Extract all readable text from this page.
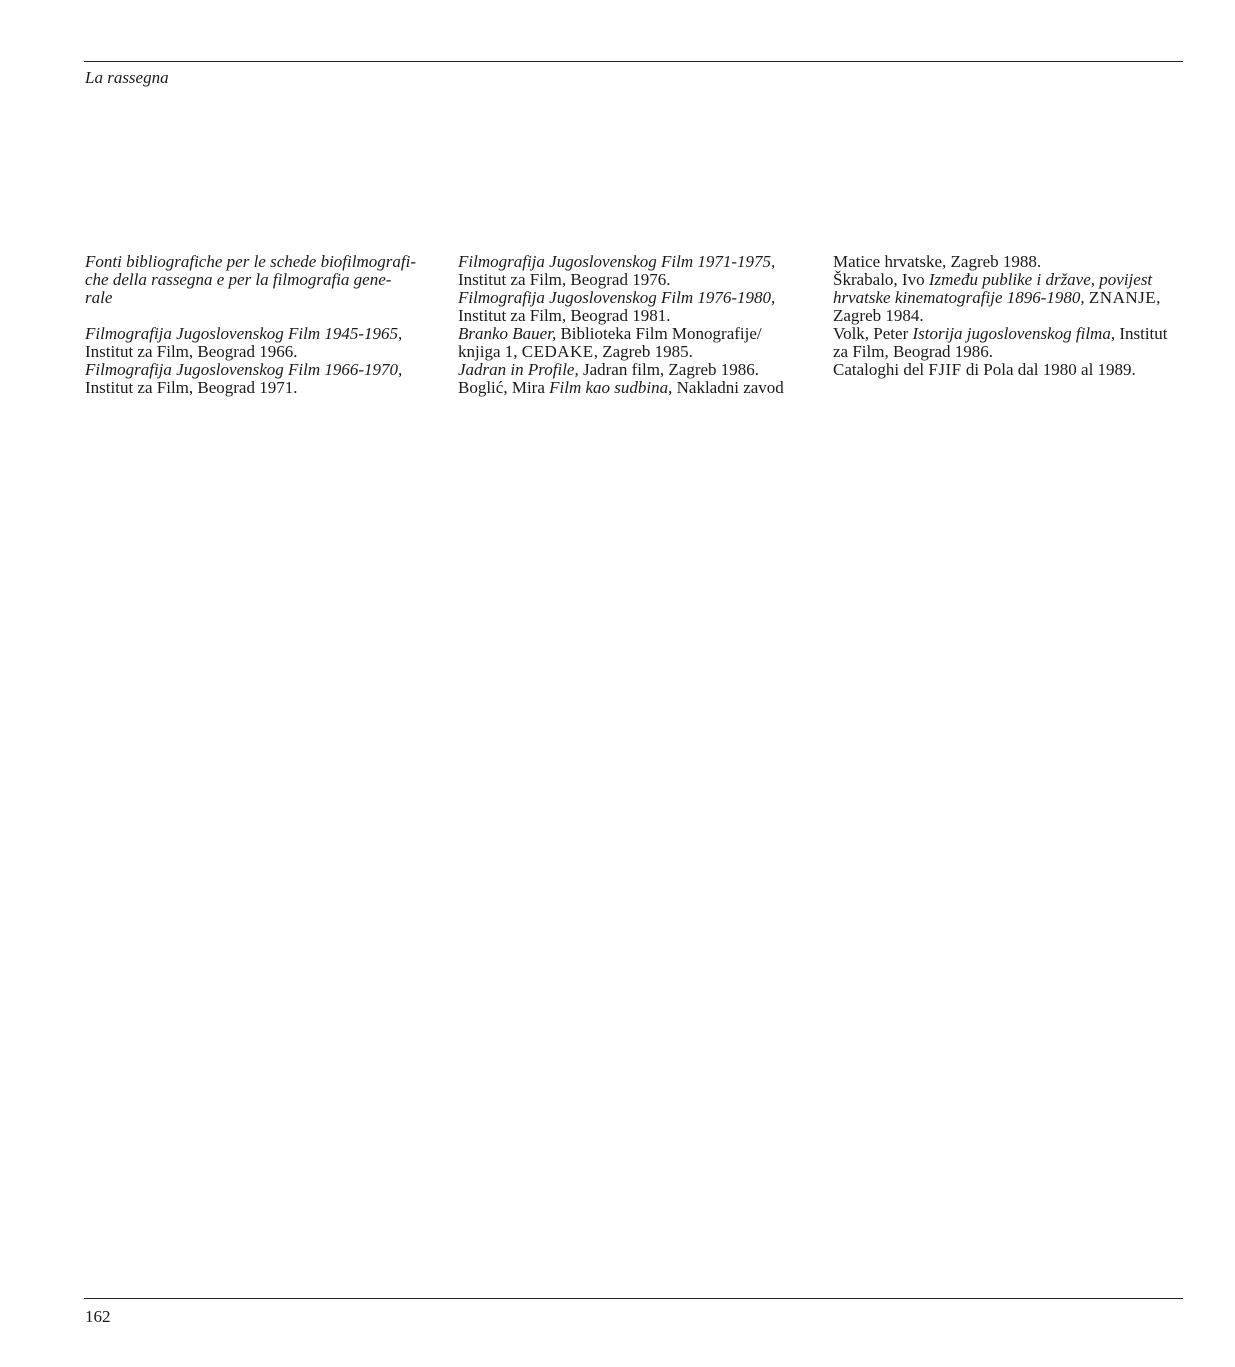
La rassegna

Fonti bibliografiche per le schede biofilmografi-
che della rassegna e per la filmografia gene-
rale

Filmografija Jugoslovenskog Film 1945-1965,
Institut za Film, Beograd 1966.

Filmografija Jugoslovenskog Film 1966-1970,
Institut za Film, Beograd 1971.

Filmografija Jugoslovenskog Film 1971-1975,
Institut za Film, Beograd 1976.

Filmografija Jugoslovenskog Film 1976-1980,
Institut za Film, Beograd 1981.

Branko Bauer, Biblioteka Film Monografije/
knjiga 1, CEDAKE, Zagreb 1985.

Jadran in Profile, Jadran film, Zagreb 1986.

Boglić, Mira Film kao sudbina, Nakladni zavod

Matice hrvatske, Zagreb 1988.

Škrabalo, Ivo Između publike i države, povijest
hrvatske kinematografije 1896-1980, ZNANJE,
Zagreb 1984.

Volk, Peter Istorija jugoslovenskog filma, Institut
za Film, Beograd 1986.

Cataloghi del FJIF di Pola dal 1980 al 1989.

162
